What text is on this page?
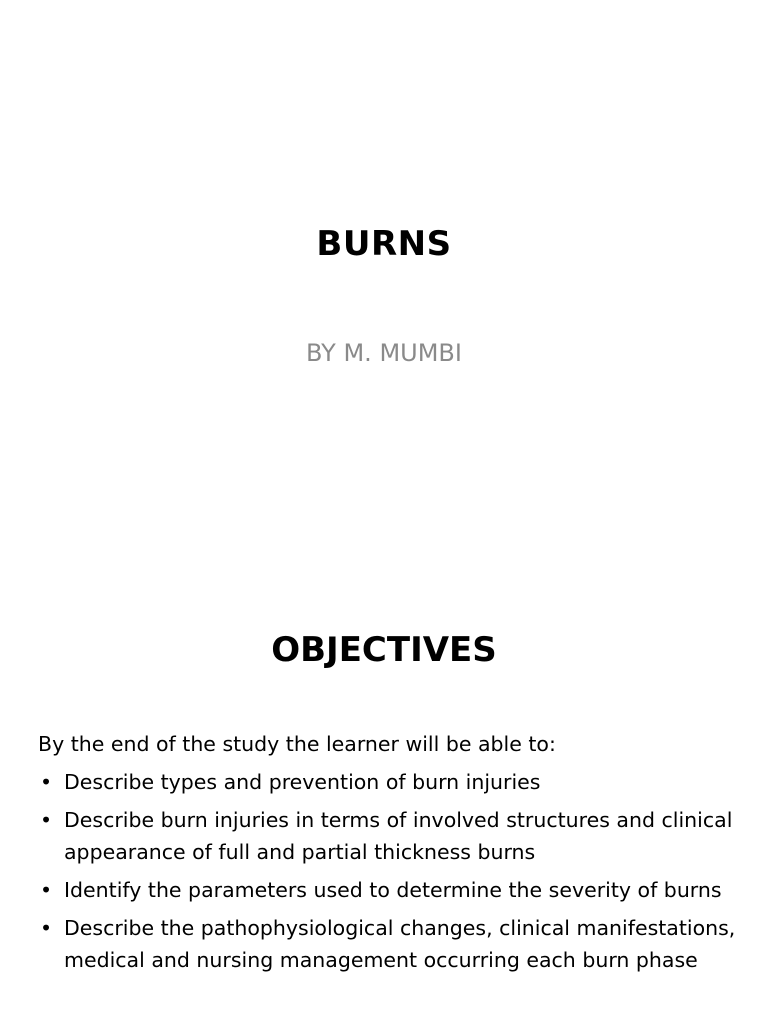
BURNS

BY M. MUMBI

OBJECTIVES

By the end of the study the learner will be able to:

• Describe types and prevention of burn injuries
• Describe burn injuries in terms of involved structures and clinical appearance of full and partial thickness burns
• Identify the parameters used to determine the severity of burns
• Describe the pathophysiological changes, clinical manifestations, medical and nursing management occurring each burn phase
